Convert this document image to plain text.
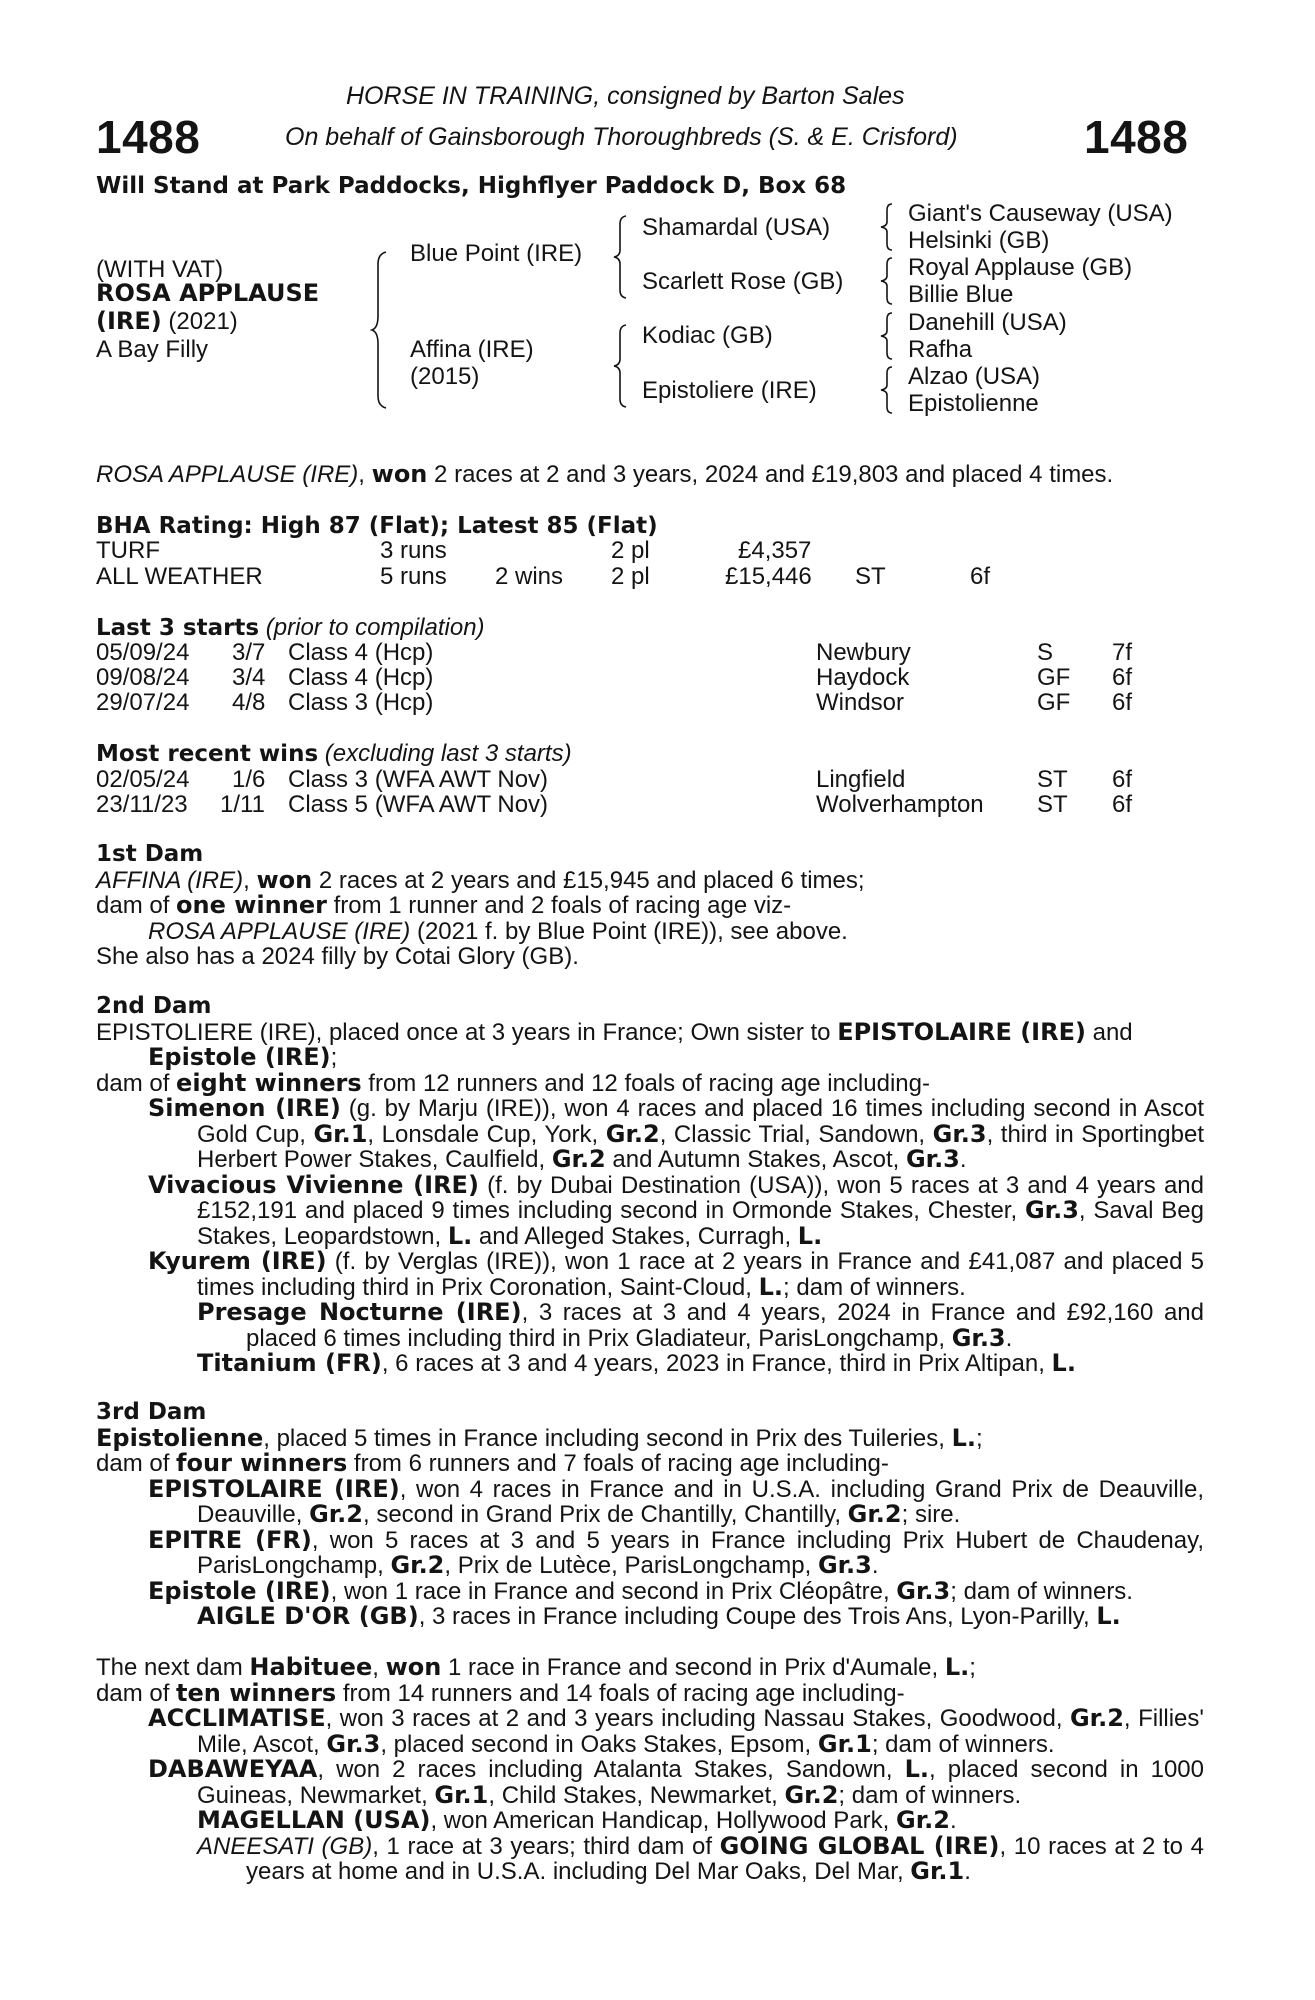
HORSE IN TRAINING, consigned by Barton Sales
1488	On behalf of Gainsborough Thoroughbreds (S. & E. Crisford)	1488
Will Stand at Park Paddocks, Highflyer Paddock D, Box 68
(WITH VAT)
ROSA APPLAUSE
(IRE) (2021)
A Bay Filly
Blue Point (IRE)
Affina (IRE)
(2015)
Shamardal (USA)
Scarlett Rose (GB)
Kodiac (GB)
Epistoliere (IRE)
Giant's Causeway (USA)
Helsinki (GB)
Royal Applause (GB)
Billie Blue
Danehill (USA)
Rafha
Alzao (USA)
Epistolienne
ROSA APPLAUSE (IRE), won 2 races at 2 and 3 years, 2024 and £19,803 and placed 4 times.
BHA Rating: High 87 (Flat); Latest 85 (Flat)
TURF	3 runs	2 pl	£4,357
ALL WEATHER	5 runs 2 wins 2 pl	£15,446 ST	6f
Last 3 starts (prior to compilation)
05/09/24 3/7 Class 4 (Hcp)	Newbury	S 7f
09/08/24 3/4 Class 4 (Hcp)	Haydock	GF 6f
29/07/24 4/8 Class 3 (Hcp)	Windsor	GF 6f
Most recent wins (excluding last 3 starts)
02/05/24 1/6 Class 3 (WFA AWT Nov)	Lingfield	ST 6f
23/11/23 1/11 Class 5 (WFA AWT Nov)	Wolverhampton ST 6f

1st Dam

AFFINA (IRE), won 2 races at 2 years and £15,945 and placed 6 times;

dam of one winner from 1 runner and 2 foals of racing age viz-

ROSA APPLAUSE (IRE) (2021 f. by Blue Point (IRE)), see above.

She also has a 2024 filly by Cotai Glory (GB).

2nd Dam

EPISTOLIERE (IRE), placed once at 3 years in France; Own sister to EPISTOLAIRE (IRE) and
Epistole (IRE);

dam of eight winners from 12 runners and 12 foals of racing age including-

Simenon (IRE) (g. by Marju (IRE)), won 4 races and placed 16 times including second in Ascot Gold Cup, Gr.1, Lonsdale Cup, York, Gr.2, Classic Trial, Sandown, Gr.3, third in Sportingbet Herbert Power Stakes, Caulfield, Gr.2 and Autumn Stakes, Ascot, Gr.3.

Vivacious Vivienne (IRE) (f. by Dubai Destination (USA)), won 5 races at 3 and 4 years and £152,191 and placed 9 times including second in Ormonde Stakes, Chester, Gr.3, Saval Beg Stakes, Leopardstown, L. and Alleged Stakes, Curragh, L.

Kyurem (IRE) (f. by Verglas (IRE)), won 1 race at 2 years in France and £41,087 and placed 5 times including third in Prix Coronation, Saint-Cloud, L.; dam of winners.

Presage Nocturne (IRE), 3 races at 3 and 4 years, 2024 in France and £92,160 and placed 6 times including third in Prix Gladiateur, ParisLongchamp, Gr.3.

Titanium (FR), 6 races at 3 and 4 years, 2023 in France, third in Prix Altipan, L.

3rd Dam

Epistolienne, placed 5 times in France including second in Prix des Tuileries, L.;

dam of four winners from 6 runners and 7 foals of racing age including-

EPISTOLAIRE (IRE), won 4 races in France and in U.S.A. including Grand Prix de Deauville, Deauville, Gr.2, second in Grand Prix de Chantilly, Chantilly, Gr.2; sire.

EPITRE (FR), won 5 races at 3 and 5 years in France including Prix Hubert de Chaudenay, ParisLongchamp, Gr.2, Prix de Lutèce, ParisLongchamp, Gr.3.

Epistole (IRE), won 1 race in France and second in Prix Cléopâtre, Gr.3; dam of winners.

AIGLE D'OR (GB), 3 races in France including Coupe des Trois Ans, Lyon-Parilly, L.

The next dam Habituee, won 1 race in France and second in Prix d'Aumale, L.;

dam of ten winners from 14 runners and 14 foals of racing age including-

ACCLIMATISE, won 3 races at 2 and 3 years including Nassau Stakes, Goodwood, Gr.2, Fillies' Mile, Ascot, Gr.3, placed second in Oaks Stakes, Epsom, Gr.1; dam of winners.

DABAWEYAA, won 2 races including Atalanta Stakes, Sandown, L., placed second in 1000 Guineas, Newmarket, Gr.1, Child Stakes, Newmarket, Gr.2; dam of winners.

MAGELLAN (USA), won American Handicap, Hollywood Park, Gr.2.

ANEESATI (GB), 1 race at 3 years; third dam of GOING GLOBAL (IRE), 10 races at 2 to 4 years at home and in U.S.A. including Del Mar Oaks, Del Mar, Gr.1.
